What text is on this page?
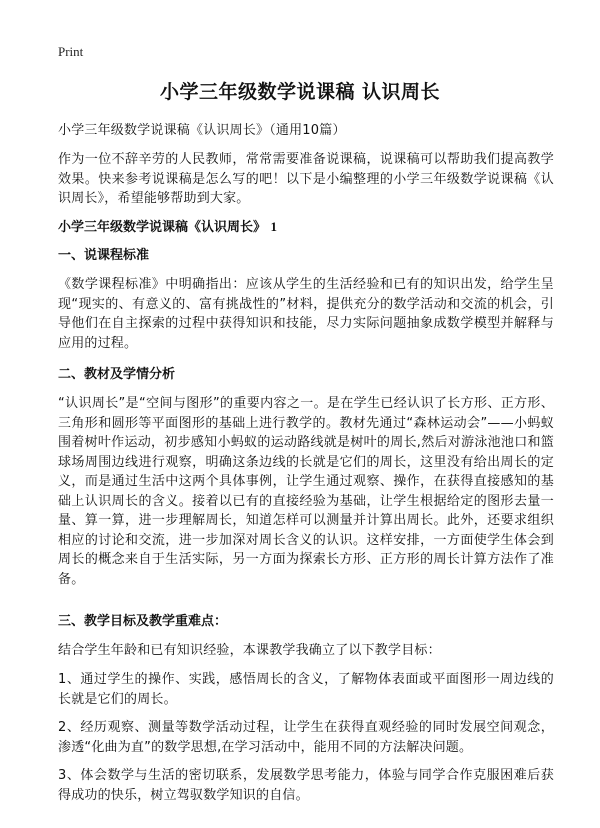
Print
小学三年级数学说课稿 认识周长

小学三年级数学说课稿《认识周长》（通用10篇）

作为一位不辞辛劳的人民教师，常常需要准备说课稿，说课稿可以帮助我们提高教学效果。快来参考说课稿是怎么写的吧！以下是小编整理的小学三年级数学说课稿《认识周长》，希望能够帮助到大家。

小学三年级数学说课稿《认识周长》 1

一、说课程标准

《数学课程标准》中明确指出：应该从学生的生活经验和已有的知识出发，给学生呈现“现实的、有意义的、富有挑战性的”材料，提供充分的数学活动和交流的机会，引导他们在自主探索的过程中获得知识和技能，尽力实际问题抽象成数学模型并解释与应用的过程。

二、教材及学情分析

“认识周长”是“空间与图形”的重要内容之一。是在学生已经认识了长方形、正方形、三角形和圆形等平面图形的基础上进行教学的。教材先通过“森林运动会”——小蚂蚁围着树叶作运动，初步感知小蚂蚁的运动路线就是树叶的周长,然后对游泳池池口和篮球场周围边线进行观察，明确这条边线的长就是它们的周长，这里没有给出周长的定义，而是通过生活中这两个具体事例，让学生通过观察、操作，在获得直接感知的基础上认识周长的含义。接着以已有的直接经验为基础，让学生根据给定的图形去量一量、算一算，进一步理解周长，知道怎样可以测量并计算出周长。此外，还要求组织相应的讨论和交流，进一步加深对周长含义的认识。这样安排，一方面使学生体会到周长的概念来自于生活实际，另一方面为探索长方形、正方形的周长计算方法作了准备。

三、教学目标及教学重难点：

结合学生年龄和已有知识经验，本课教学我确立了以下教学目标：

1、通过学生的操作、实践，感悟周长的含义，了解物体表面或平面图形一周边线的长就是它们的周长。

2、经历观察、测量等数学活动过程，让学生在获得直观经验的同时发展空间观念，渗透“化曲为直”的数学思想,在学习活动中，能用不同的方法解决问题。

3、体会数学与生活的密切联系，发展数学思考能力，体验与同学合作克服困难后获得成功的快乐，树立驾驭数学知识的自信。
